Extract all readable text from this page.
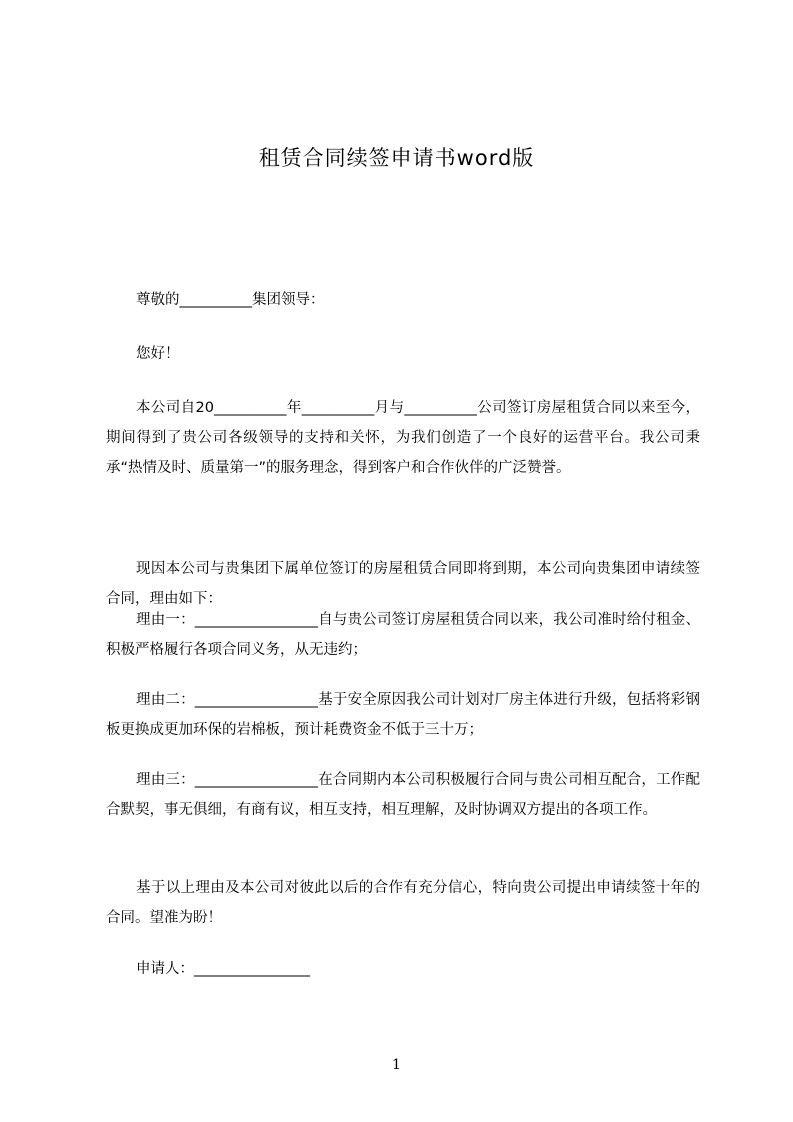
租赁合同续签申请书word版

尊敬的__________集团领导：

您好！

本公司自20__________年__________月与__________公司签订房屋租赁合同以来至今，期间得到了贵公司各级领导的支持和关怀，为我们创造了一个良好的运营平台。我公司秉承“热情及时、质量第一”的服务理念，得到客户和合作伙伴的广泛赞誉。

现因本公司与贵集团下属单位签订的房屋租赁合同即将到期，本公司向贵集团申请续签合同，理由如下：

理由一：_________________自与贵公司签订房屋租赁合同以来，我公司准时给付租金、积极严格履行各项合同义务，从无违约；

理由二：_________________基于安全原因我公司计划对厂房主体进行升级，包括将彩钢板更换成更加环保的岩棉板，预计耗费资金不低于三十万；

理由三：_________________在合同期内本公司积极履行合同与贵公司相互配合，工作配合默契，事无俱细，有商有议，相互支持，相互理解，及时协调双方提出的各项工作。

基于以上理由及本公司对彼此以后的合作有充分信心，特向贵公司提出申请续签十年的合同。望准为盼！

申请人：________________

1
